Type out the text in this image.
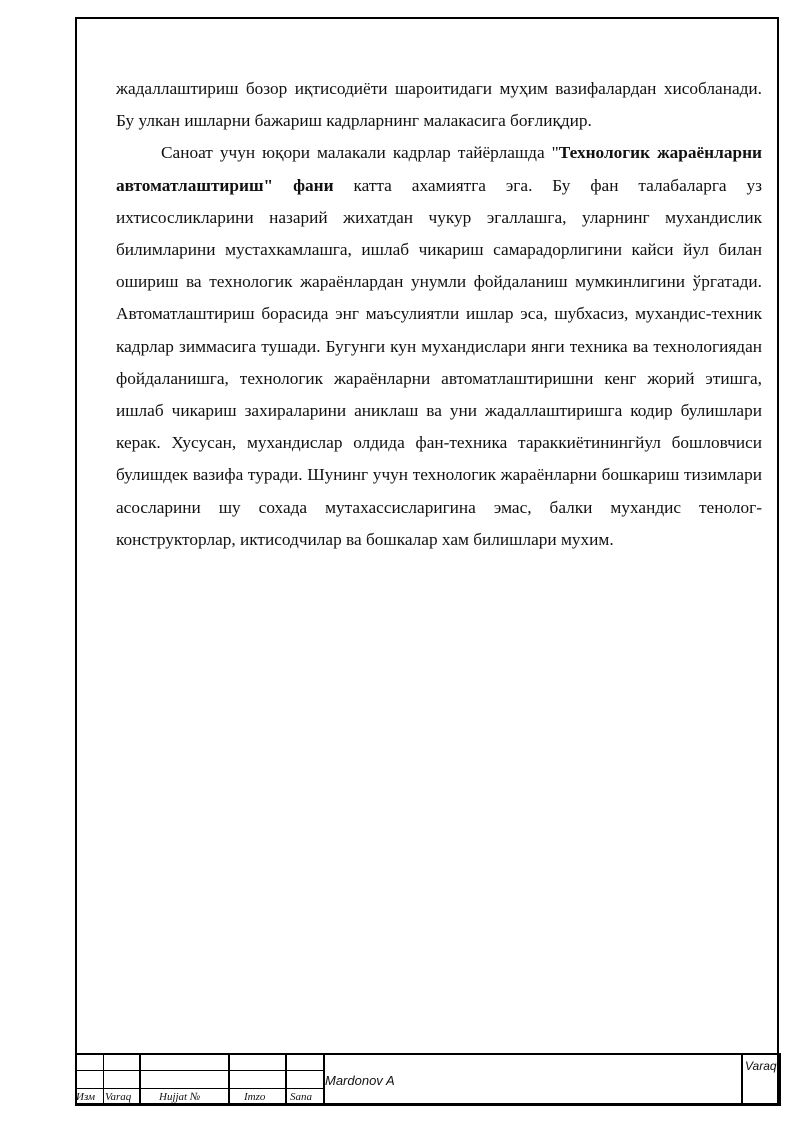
жадаллаштириш бозор иқтисодиёти шароитидаги муҳим вазифалардан хисобланади. Бу улкан ишларни бажариш кадрларнинг малакасига боғлиқдир.

Саноат учун юқори малакали кадрлар тайёрлашда "Технологик жараёнларни автоматлаштириш" фани катта ахамиятга эга. Бу фан талабаларга уз ихтисосликларини назарий жихатдан чукур эгаллашга, уларнинг мухандислик билимларини мустахкамлашга, ишлаб чикариш самарадорлигини кайси йул билан ошириш ва технологик жараёнлардан унумли фойдаланиш мумкинлигини ўргатади. Автоматлаштириш борасида энг маъсулиятли ишлар эса, шубхасиз, мухандис-техник кадрлар зиммасига тушади. Бугунги кун мухандислари янги техника ва технологиядан фойдаланишга, технологик жараёнларни автоматлаштиришни кенг жорий этишга, ишлаб чикариш захираларини аниклаш ва уни жадаллаштиришга кодир булишлари керак. Хусусан, мухандислар олдида фан-техника тараккиётинингйул бошловчиси булишдек вазифа туради. Шунинг учун технологик жараёнларни бошкариш тизимлари асосларини шу сохада мутахассисларигина эмас, балки мухандис тенолог-конструкторлар, иктисодчилар ва бошкалар хам билишлари мухим.

Изм Varaq	Hujjat №	Imzo Sana
Mardonov A
Varaq
